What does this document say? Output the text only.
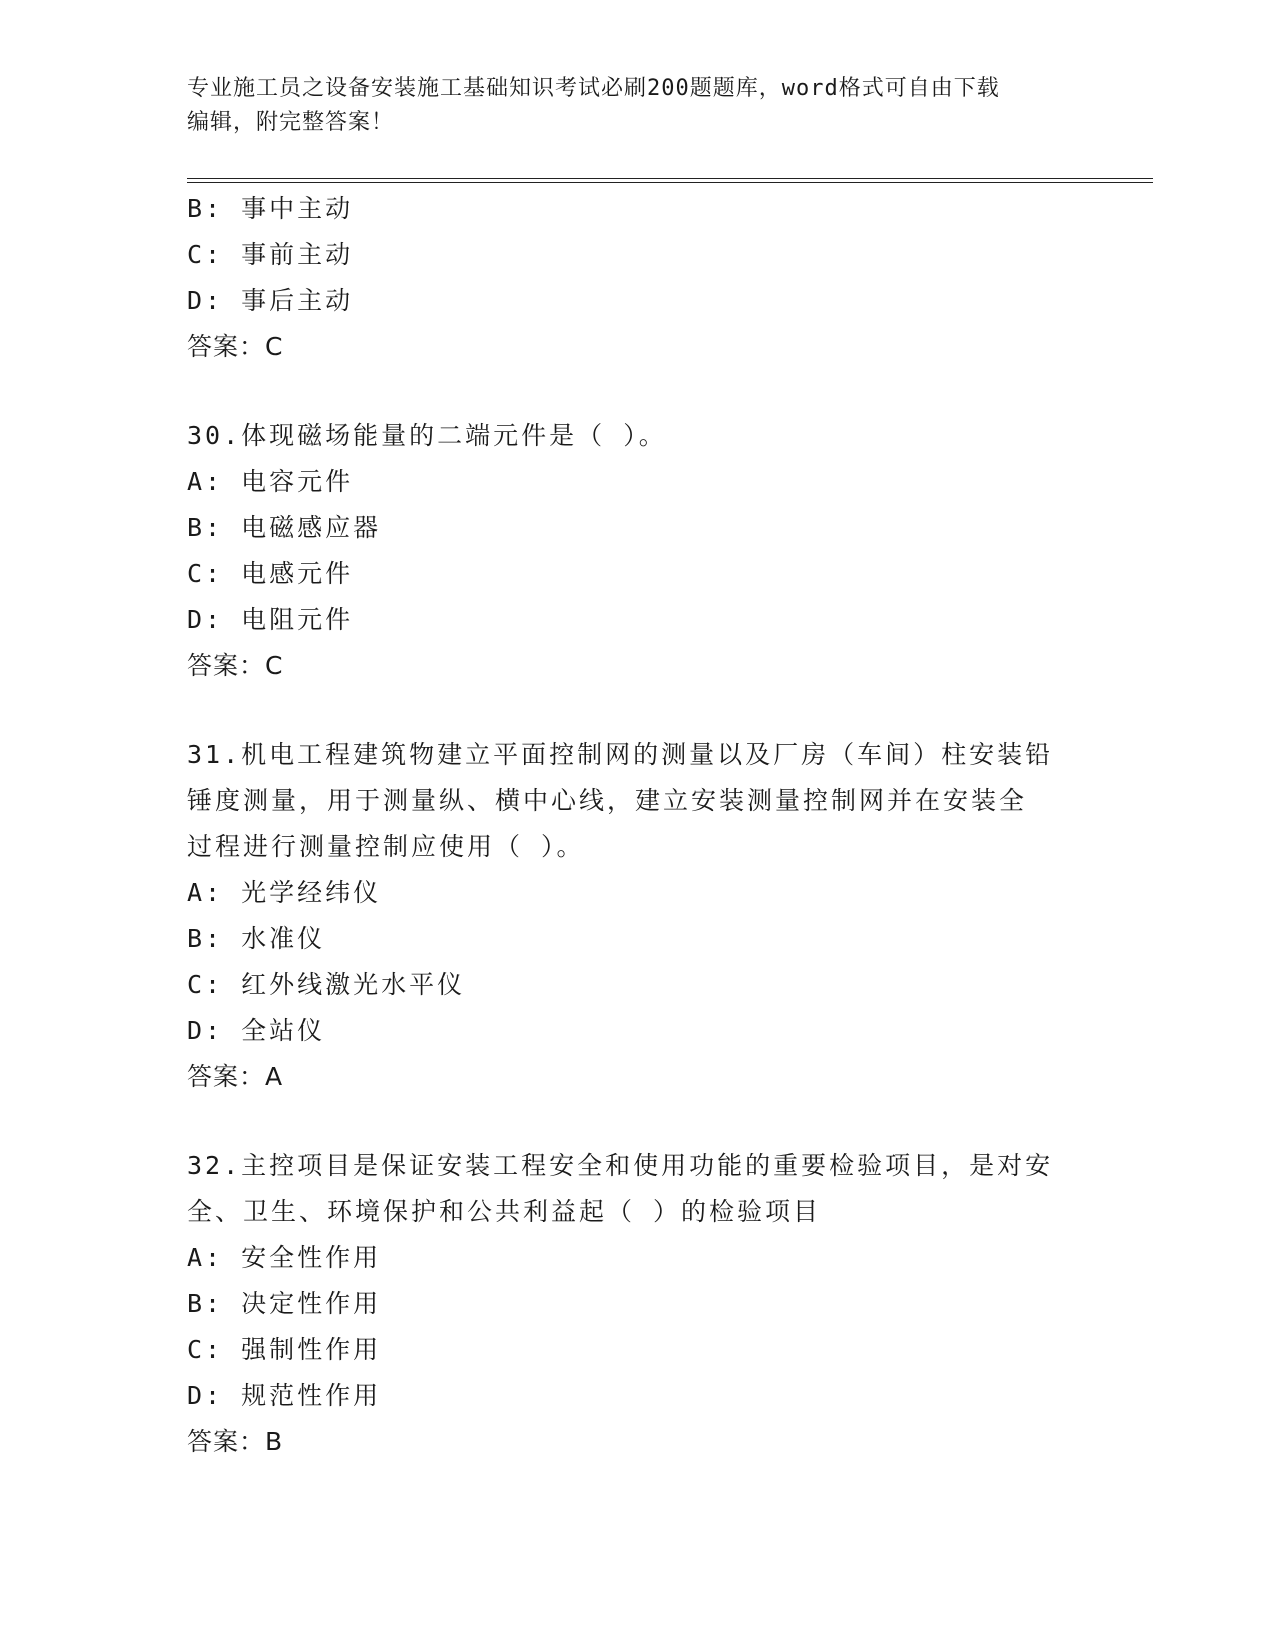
专业施工员之设备安装施工基础知识考试必刷200题题库，word格式可自由下载
编辑，附完整答案！
B: 事中主动
C: 事前主动
D: 事后主动
答案：C
30.体现磁场能量的二端元件是（ ）。
A: 电容元件
B: 电磁感应器
C: 电感元件
D: 电阻元件
答案：C
31.机电工程建筑物建立平面控制网的测量以及厂房（车间）柱安装铅
锤度测量，用于测量纵、横中心线，建立安装测量控制网并在安装全
过程进行测量控制应使用（ ）。
A: 光学经纬仪
B: 水准仪
C: 红外线激光水平仪
D: 全站仪
答案：A
32.主控项目是保证安装工程安全和使用功能的重要检验项目，是对安
全、卫生、环境保护和公共利益起（ ）的检验项目
A: 安全性作用
B: 决定性作用
C: 强制性作用
D: 规范性作用
答案：B
